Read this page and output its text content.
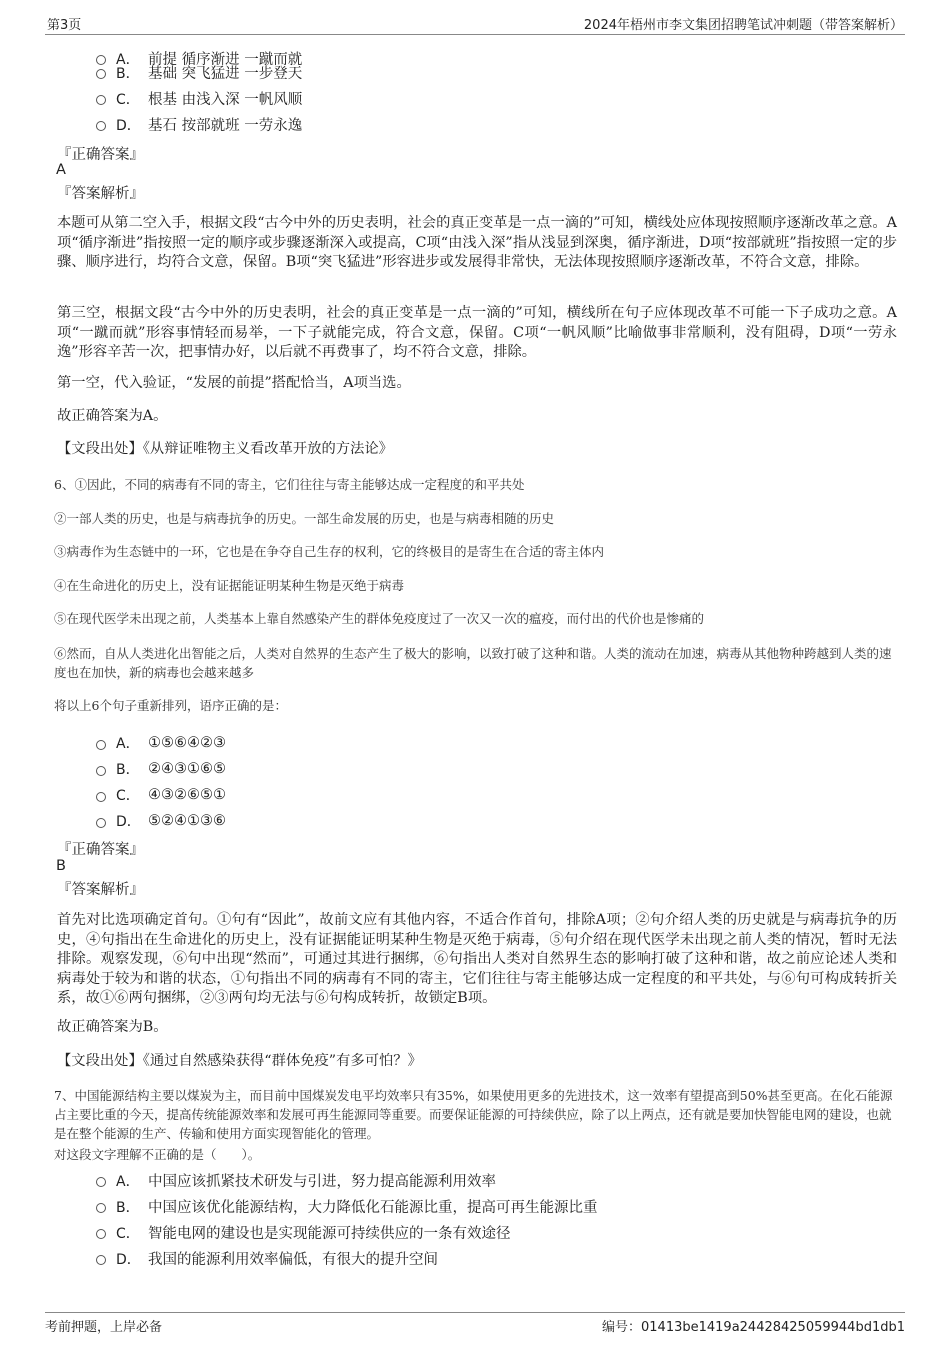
第3页	2024年梧州市李文集团招聘笔试冲刺题（带答案解析）
A． 前提 循序渐进 一蹴而就
B． 基础 突飞猛进 一步登天
C． 根基 由浅入深 一帆风顺
D． 基石 按部就班 一劳永逸
『正确答案』
A
『答案解析』
本题可从第二空入手，根据文段“古今中外的历史表明，社会的真正变革是一点一滴的”可知，横线处应体现按照顺序逐渐改革之意。A项“循序渐进”指按照一定的顺序或步骤逐渐深入或提高，C项“由浅入深”指从浅显到深奥，循序渐进，D项“按部就班”指按照一定的步骤、顺序进行，均符合文意，保留。B项“突飞猛进”形容进步或发展得非常快，无法体现按照顺序逐渐改革，不符合文意，排除。
第三空，根据文段“古今中外的历史表明，社会的真正变革是一点一滴的”可知，横线所在句子应体现改革不可能一下子成功之意。A项“一蹴而就”形容事情轻而易举，一下子就能完成，符合文意，保留。C项“一帆风顺”比喻做事非常顺利，没有阻碍，D项“一劳永逸”形容辛苦一次，把事情办好，以后就不再费事了，均不符合文意，排除。
第一空，代入验证，“发展的前提”搭配恰当，A项当选。
故正确答案为A。
【文段出处】《从辩证唯物主义看改革开放的方法论》
6、①因此，不同的病毒有不同的寄主，它们往往与寄主能够达成一定程度的和平共处
②一部人类的历史，也是与病毒抗争的历史。一部生命发展的历史，也是与病毒相随的历史
③病毒作为生态链中的一环，它也是在争夺自己生存的权利，它的终极目的是寄生在合适的寄主体内
④在生命进化的历史上，没有证据能证明某种生物是灭绝于病毒
⑤在现代医学未出现之前，人类基本上靠自然感染产生的群体免疫度过了一次又一次的瘟疫，而付出的代价也是惨痛的
⑥然而，自从人类进化出智能之后，人类对自然界的生态产生了极大的影响，以致打破了这种和谐。人类的流动在加速，病毒从其他物种跨越到人类的速度也在加快，新的病毒也会越来越多
将以上6个句子重新排列，语序正确的是：
A． ①⑤⑥④②③
B． ②④③①⑥⑤
C． ④③②⑥⑤①
D． ⑤②④①③⑥
『正确答案』
B
『答案解析』
首先对比选项确定首句。①句有“因此”，故前文应有其他内容，不适合作首句，排除A项；②句介绍人类的历史就是与病毒抗争的历史，④句指出在生命进化的历史上，没有证据能证明某种生物是灭绝于病毒，⑤句介绍在现代医学未出现之前人类的情况，暂时无法排除。观察发现，⑥句中出现“然而”，可通过其进行捆绑，⑥句指出人类对自然界生态的影响打破了这种和谐，故之前应论述人类和病毒处于较为和谐的状态，①句指出不同的病毒有不同的寄主，它们往往与寄主能够达成一定程度的和平共处，与⑥句可构成转折关系，故①⑥两句捆绑，②③两句均无法与⑥句构成转折，故锁定B项。
故正确答案为B。
【文段出处】《通过自然感染获得“群体免疫”有多可怕？》
7、中国能源结构主要以煤炭为主，而目前中国煤炭发电平均效率只有35%，如果使用更多的先进技术，这一效率有望提高到50%甚至更高。在化石能源占主要比重的今天，提高传统能源效率和发展可再生能源同等重要。而要保证能源的可持续供应，除了以上两点，还有就是要加快智能电网的建设，也就是在整个能源的生产、传输和使用方面实现智能化的管理。
对这段文字理解不正确的是（　　）。
A． 中国应该抓紧技术研发与引进，努力提高能源利用效率
B． 中国应该优化能源结构，大力降低化石能源比重，提高可再生能源比重
C． 智能电网的建设也是实现能源可持续供应的一条有效途径
D． 我国的能源利用效率偏低，有很大的提升空间
考前押题，上岸必备	编号：01413be1419a24428425059944bd1db1
